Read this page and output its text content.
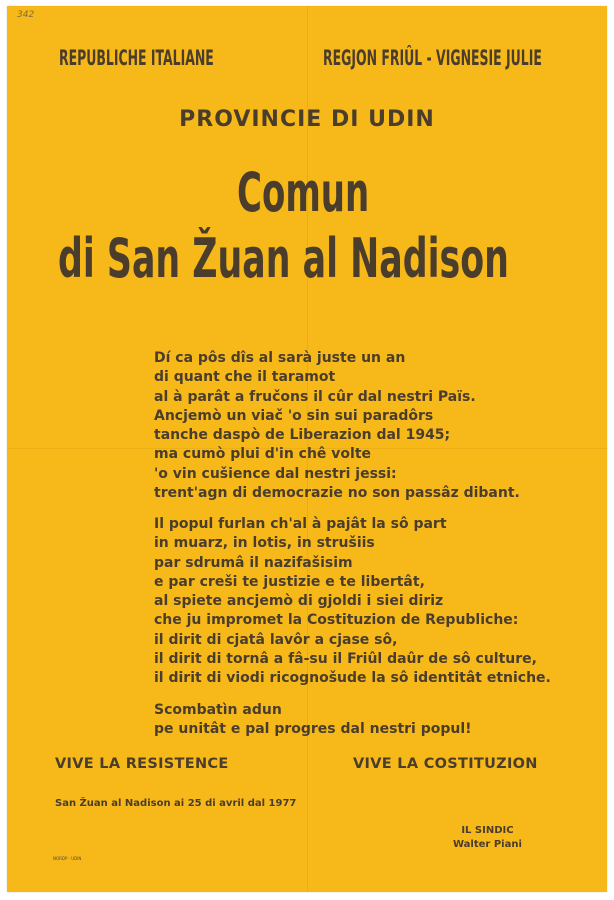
342
REPUBLICHE ITALIANE	REGJON FRIÛL - VIGNESIE JULIE
PROVINCIE DI UDIN
Comun
di San Žuan al Nadison
Dí ca pôs dîs al sarà juste un an
di quant che il taramot
al à parât a fručons il cûr dal nestri Païs.
Ancjemò un viač 'o sin sui paradôrs
tanche daspò de Liberazion dal 1945;
ma cumò plui d'in chê volte
'o vin cušience dal nestri jessi:
trent'agn di democrazie no son passâz dibant.
Il popul furlan ch'al à pajât la sô part
in muarz, in lotis, in strušiis
par sdrumâ il nazifašisim
e par creši te justizie e te libertât,
al spiete ancjemò di gjoldi i siei diriz
che ju impromet la Costituzion de Republiche:
il dirit di cjatâ lavôr a cjase sô,
il dirit di tornâ a fâ-su il Friûl daûr de sô culture,
il dirit di viodi ricognošude la sô identitât etniche.
Scombatìn adun
pe unitât e pal progres dal nestri popul!
VIVE LA RESISTENCE	VIVE LA COSTITUZION
San Žuan al Nadison ai 25 di avril dal 1977
IL SINDIC
Walter Piani
NORDP · UDIN
